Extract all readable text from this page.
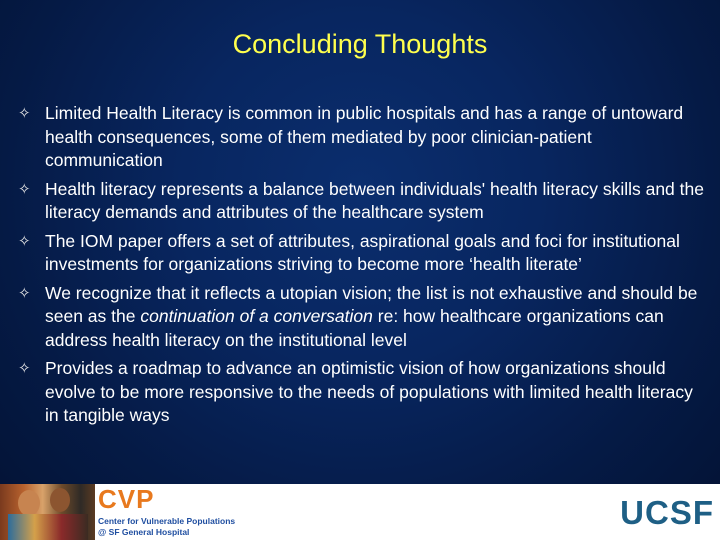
Concluding Thoughts
✧ Limited Health Literacy is common in public hospitals and has a range of untoward health consequences, some of them mediated by poor clinician-patient communication
✧ Health literacy represents a balance between individuals' health literacy skills and the literacy demands and attributes of the healthcare system
✧ The IOM paper offers a set of attributes, aspirational goals and foci for institutional investments for organizations striving to become more ‘health literate’
✧ We recognize that it reflects a utopian vision; the list is not exhaustive and should be seen as the continuation of a conversation re: how healthcare organizations can address health literacy on the institutional level
✧ Provides a roadmap to advance an optimistic vision of how organizations should evolve to be more responsive to the needs of populations with limited health literacy in tangible ways
CVP
Center for Vulnerable Populations
@ SF General Hospital
UCSF
